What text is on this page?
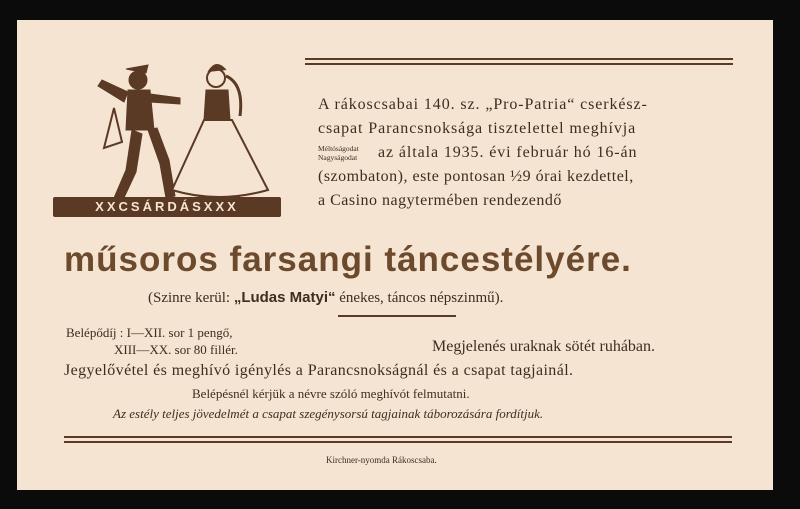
XXCSÁRDÁSXXX
A rákoscsabai 140. sz. „Pro-Patria“ cserkész-
csapat Parancsnoksága tisztelettel meghívja
Méltóságodat
Nagyságodat az általa 1935. évi február hó 16-án
(szombaton), este pontosan ½9 órai kezdettel,
a Casino nagytermében rendezendő
műsoros farsangi táncestélyére.
(Szinre kerül: „Ludas Matyi“ énekes, táncos népszinmű).
Belépődíj : I—XII. sor 1 pengő,
XIII—XX. sor 80 fillér.	Megjelenés uraknak sötét ruhában.
Jegyelővétel és meghívó igénylés a Parancsnokságnál és a csapat tagjainál.
Belépésnél kérjük a névre szóló meghívót felmutatni.
Az estély teljes jövedelmét a csapat szegénysorsú tagjainak táborozására fordítjuk.
Kirchner-nyomda Rákoscsaba.
